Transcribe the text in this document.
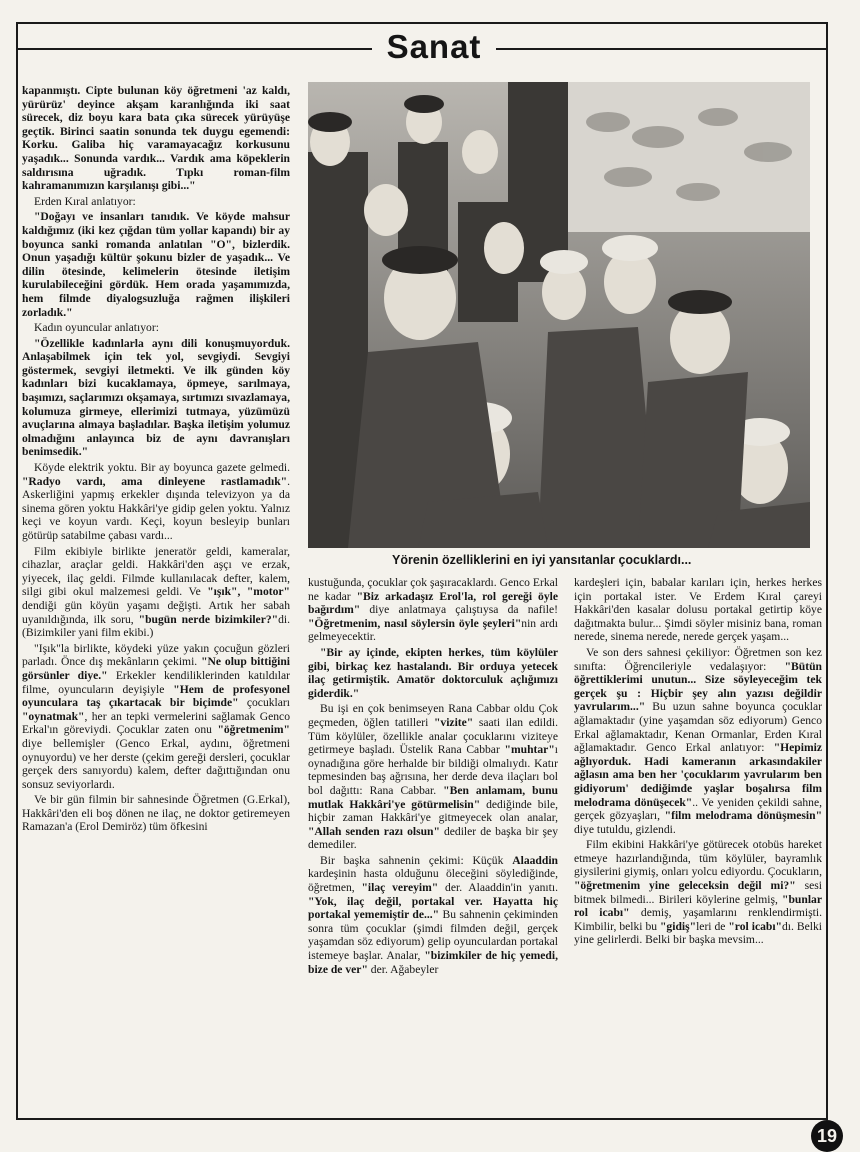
Sanat

kapanmıştı. Cipte bulunan köy öğretmeni 'az kaldı, yürürüz' deyince akşam karanlığında iki saat sürecek, diz boyu kara bata çıka sürecek yürüyüşe geçtik. Birinci saatin sonunda tek duygu egemendi: Korku. Galiba hiç varamayacağız korkusunu yaşadık... Sonunda vardık... Vardık ama köpeklerin saldırısına uğradık. Tıpkı roman-film kahramanımızın karşılanışı gibi..."

Erden Kıral anlatıyor:

"Doğayı ve insanları tanıdık. Ve köyde mahsur kaldığımız (iki kez çığdan tüm yollar kapandı) bir ay boyunca sanki romanda anlatılan "O", bizlerdik. Onun yaşadığı kültür şokunu bizler de yaşadık... Ve dilin ötesinde, kelimelerin ötesinde iletişim kurulabileceğini gördük. Hem orada yaşamımızda, hem filmde diyalogsuzluğa rağmen ilişkileri zorladık."

Kadın oyuncular anlatıyor:

"Özellikle kadınlarla aynı dili konuşmuyorduk. Anlaşabilmek için tek yol, sevgiydi. Sevgiyi göstermek, sevgiyi iletmekti. Ve ilk günden köy kadınları bizi kucaklamaya, öpmeye, sarılmaya, başımızı, saçlarımızı okşamaya, sırtımızı sıvazlamaya, kolumuza girmeye, ellerimizi tutmaya, yüzümüzü avuçlarına almaya başladılar. Başka iletişim yolumuz olmadığını anlayınca biz de aynı davranışları benimsedik."

Köyde elektrik yoktu. Bir ay boyunca gazete gelmedi. "Radyo vardı, ama dinleyene rastlamadık". Askerliğini yapmış erkekler dışında televizyon ya da sinema gören yoktu Hakkâri'ye gidip gelen yoktu. Yalnız keçi ve koyun vardı. Keçi, koyun besleyip bunları götürüp satabilme çabası vardı...

Film ekibiyle birlikte jeneratör geldi, kameralar, cihazlar, araçlar geldi. Hakkâri'den aşçı ve erzak, yiyecek, ilaç geldi. Filmde kullanılacak defter, kalem, silgi gibi okul malzemesi geldi. Ve "ışık", "motor" dendiği gün köyün yaşamı değişti. Artık her sabah uyanıldığında, ilk soru, "bugün nerde bizimkiler?"di. (Bizimkiler yani film ekibi.)

"Işık"la birlikte, köydeki yüze yakın çocuğun gözleri parladı. Önce dış mekânların çekimi. "Ne olup bittiğini görsünler diye." Erkekler kendiliklerinden katıldılar filme, oyuncuların deyişiyle "Hem de profesyonel oyunculara taş çıkartacak bir biçimde" çocukları "oynatmak", her an tepki vermelerini sağlamak Genco Erkal'ın göreviydi. Çocuklar zaten onu "öğretmenim" diye bellemişler (Genco Erkal, aydını, öğretmeni oynuyordu) ve her derste (çekim gereği dersleri, çocuklar gerçek ders sanıyordu) kalem, defter dağıttığından onu sonsuz seviyorlardı.

Ve bir gün filmin bir sahnesinde Öğretmen (G.Erkal), Hakkâri'den eli boş dönen ne ilaç, ne doktor getiremeyen Ramazan'a (Erol Demiröz) tüm öfkesini

Yörenin özelliklerini en iyi yansıtanlar çocuklardı...

kustuğunda, çocuklar çok şaşıracaklardı. Genco Erkal ne kadar "Biz arkadaşız Erol'la, rol gereği öyle bağırdım" diye anlatmaya çalıştıysa da nafile! "Öğretmenim, nasıl söylersin öyle şeyleri"nin ardı gelmeyecektir.

"Bir ay içinde, ekipten herkes, tüm köylüler gibi, birkaç kez hastalandı. Bir orduya yetecek ilaç getirmiştik. Amatör doktorculuk açlığımızı giderdik."

Bu işi en çok benimseyen Rana Cabbar oldu Çok geçmeden, öğlen tatilleri "vizite" saati ilan edildi. Tüm köylüler, özellikle analar çocuklarını viziteye getirmeye başladı. Üstelik Rana Cabbar "muhtar"ı oynadığına göre herhalde bir bildiği olmalıydı. Katır tepmesinden baş ağrısına, her derde deva ilaçları bol bol dağıttı: Rana Cabbar. "Ben anlamam, bunu mutlak Hakkâri'ye götürmelisin" dediğinde bile, hiçbir zaman Hakkâri'ye gitmeyecek olan analar, "Allah senden razı olsun" dediler de başka bir şey demediler.

Bir başka sahnenin çekimi: Küçük Alaaddin kardeşinin hasta olduğunu öleceğini söylediğinde, öğretmen, "ilaç vereyim" der. Alaaddin'in yanıtı. "Yok, ilaç değil, portakal ver. Hayatta hiç portakal yememiştir de..." Bu sahnenin çekiminden sonra tüm çocuklar (şimdi filmden değil, gerçek yaşamdan söz ediyorum) gelip oyunculardan portakal istemeye başlar. Analar, "bizimkiler de hiç yemedi, bize de ver" der. Ağabeyler

kardeşleri için, babalar karıları için, herkes herkes için portakal ister. Ve Erdem Kıral çareyi Hakkâri'den kasalar dolusu portakal getirtip köye dağıtmakta bulur... Şimdi söyler misiniz bana, roman nerede, sinema nerede, nerede gerçek yaşam...

Ve son ders sahnesi çekiliyor: Öğretmen son kez sınıfta: Öğrencileriyle vedalaşıyor: "Bütün öğrettiklerimi unutun... Size söyleyeceğim tek gerçek şu : Hiçbir şey alın yazısı değildir yavrularım..." Bu uzun sahne boyunca çocuklar ağlamaktadır (yine yaşamdan söz ediyorum) Genco Erkal ağlamaktadır, Kenan Ormanlar, Erden Kıral ağlamaktadır. Genco Erkal anlatıyor: "Hepimiz ağlıyorduk. Hadi kameranın arkasındakiler ağlasın ama ben her 'çocuklarım yavrularım ben gidiyorum' dediğimde yaşlar boşalırsa film melodrama dönüşecek".. Ve yeniden çekildi sahne, gerçek gözyaşları, "film melodrama dönüşmesin" diye tutuldu, gizlendi.

Film ekibini Hakkâri'ye götürecek otobüs hareket etmeye hazırlandığında, tüm köylüler, bayramlık giysilerini giymiş, onları yolcu ediyordu. Çocukların, "öğretmenim yine geleceksin değil mi?" sesi bitmek bilmedi... Birileri köylerine gelmiş, "bunlar rol icabı" demiş, yaşamlarını renklendirmişti. Kimbilir, belki bu "gidiş"leri de "rol icabı"dı. Belki yine gelirlerdi. Belki bir başka mevsim...

19
